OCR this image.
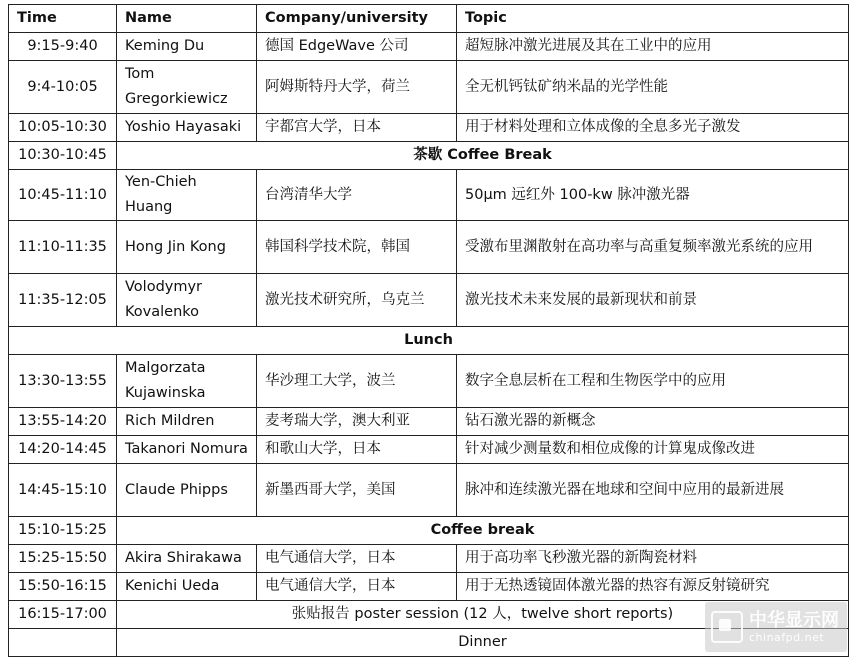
Time	Name	Company/university	Topic
9:15-9:40	Keming Du	德国 EdgeWave 公司	超短脉冲激光进展及其在工业中的应用
9:4-10:05	Tom Gregorkiewicz	阿姆斯特丹大学，荷兰	全无机钙钛矿纳米晶的光学性能
10:05-10:30	Yoshio Hayasaki	宇都宫大学，日本	用于材料处理和立体成像的全息多光子激发
10:30-10:45	茶歇 Coffee Break		
10:45-11:10	Yen-Chieh Huang	台湾清华大学	50μm 远红外 100-kw 脉冲激光器
11:10-11:35	Hong Jin Kong	韩国科学技术院，韩国	受激布里渊散射在高功率与高重复频率激光系统的应用
11:35-12:05	Volodymyr Kovalenko	激光技术研究所，乌克兰	激光技术未来发展的最新现状和前景
Lunch			
13:30-13:55	Malgorzata Kujawinska	华沙理工大学，波兰	数字全息层析在工程和生物医学中的应用
13:55-14:20	Rich Mildren	麦考瑞大学，澳大利亚	钻石激光器的新概念
14:20-14:45	Takanori Nomura	和歌山大学，日本	针对减少测量数和相位成像的计算鬼成像改进
14:45-15:10	Claude Phipps	新墨西哥大学，美国	脉冲和连续激光器在地球和空间中应用的最新进展
15:10-15:25	Coffee break		
15:25-15:50	Akira Shirakawa	电气通信大学，日本	用于高功率飞秒激光器的新陶瓷材料
15:50-16:15	Kenichi Ueda	电气通信大学，日本	用于无热透镜固体激光器的热容有源反射镜研究
16:15-17:00	张贴报告 poster session (12 人，twelve short reports)		
	Dinner		
中华显示网
chinafpd.net
